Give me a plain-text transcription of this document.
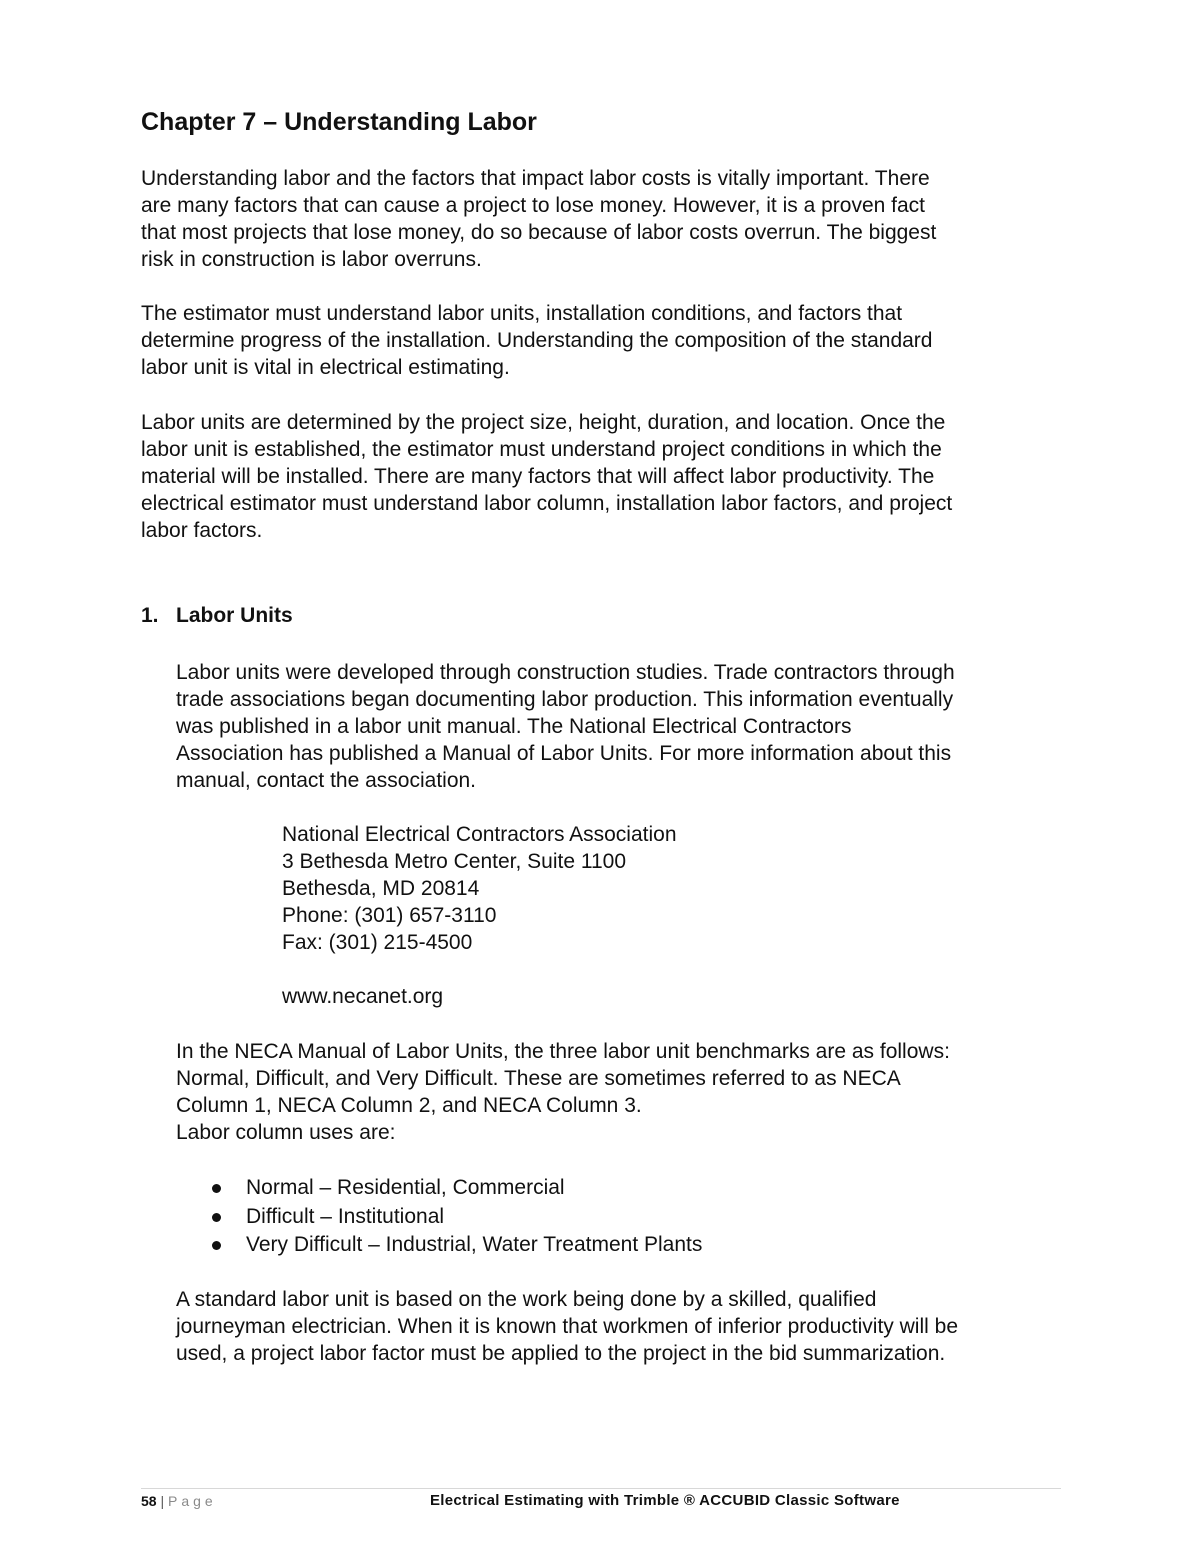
Chapter 7 – Understanding Labor

Understanding labor and the factors that impact labor costs is vitally important. There
are many factors that can cause a project to lose money. However, it is a proven fact
that most projects that lose money, do so because of labor costs overrun. The biggest
risk in construction is labor overruns.

The estimator must understand labor units, installation conditions, and factors that
determine progress of the installation. Understanding the composition of the standard
labor unit is vital in electrical estimating.

Labor units are determined by the project size, height, duration, and location. Once the
labor unit is established, the estimator must understand project conditions in which the
material will be installed. There are many factors that will affect labor productivity. The
electrical estimator must understand labor column, installation labor factors, and project
labor factors.

1. Labor Units

Labor units were developed through construction studies. Trade contractors through
trade associations began documenting labor production. This information eventually
was published in a labor unit manual. The National Electrical Contractors
Association has published a Manual of Labor Units. For more information about this
manual, contact the association.

National Electrical Contractors Association
3 Bethesda Metro Center, Suite 1100
Bethesda, MD 20814
Phone: (301) 657-3110
Fax: (301) 215-4500
www.necanet.org

In the NECA Manual of Labor Units, the three labor unit benchmarks are as follows:
Normal, Difficult, and Very Difficult. These are sometimes referred to as NECA
Column 1, NECA Column 2, and NECA Column 3.
Labor column uses are:

Normal – Residential, Commercial
Difficult – Institutional
Very Difficult – Industrial, Water Treatment Plants

A standard labor unit is based on the work being done by a skilled, qualified
journeyman electrician. When it is known that workmen of inferior productivity will be
used, a project labor factor must be applied to the project in the bid summarization.

58 | Page	Electrical Estimating with Trimble ® ACCUBID Classic Software
